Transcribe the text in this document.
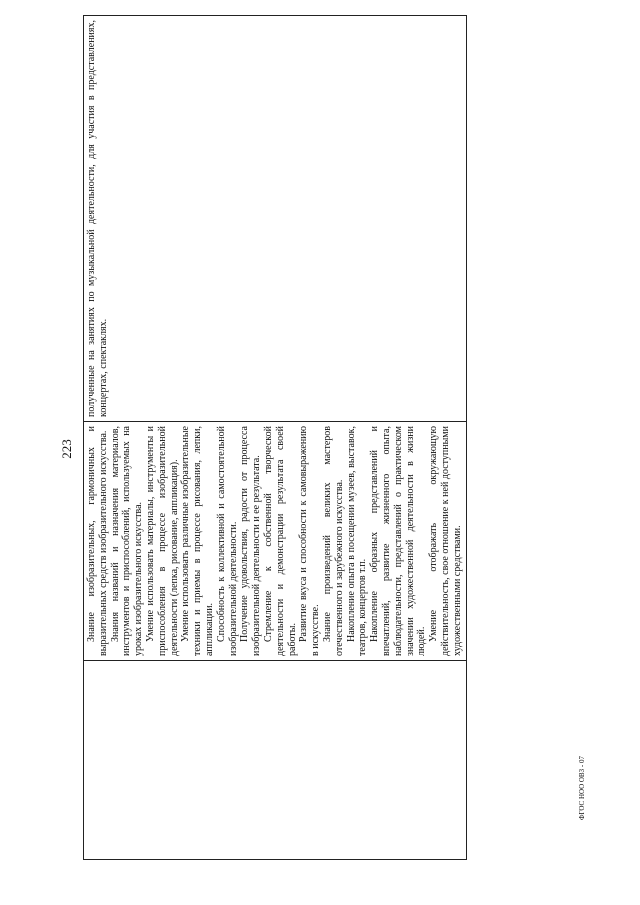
223
	Знание изобразительных, гармоничных и выразительных средств изобразительного искусства. Знания названий и назначения материалов, инструментов и приспособлений, используемых на уроках изобразительного искусства. Умение использовать материалы, инструменты и приспособления в процессе изобразительной деятельности (лепка, рисование, аппликация). Умение использовать различные изобразительные техники и приемы в процессе рисования, лепки, аппликации. Способность к коллективной и самостоятельной изобразительной деятельности. Получение удовольствия, радости от процесса изобразительной деятельности и ее результата. Стремление к собственной творческой деятельности и демонстрации результата своей работы. Развитие вкуса и способности к самовыражению в искусстве. Знание произведений великих мастеров отечественного и зарубежного искусства. Накопление опыта в посещении музеев, выставок, театров, концертов т.п. Накопление образных представлений и впечатлений, развитие жизненного опыта, наблюдательности, представлений о практическом значении художественной деятельности в жизни людей. Умение отображать окружающую действительность, свое отношение к ней доступными художественными средствами.
	полученные на занятиях по музыкальной деятельности, для участия в представлениях, концертах, спектаклях.
ФГОС НОО ОВЗ - 07
